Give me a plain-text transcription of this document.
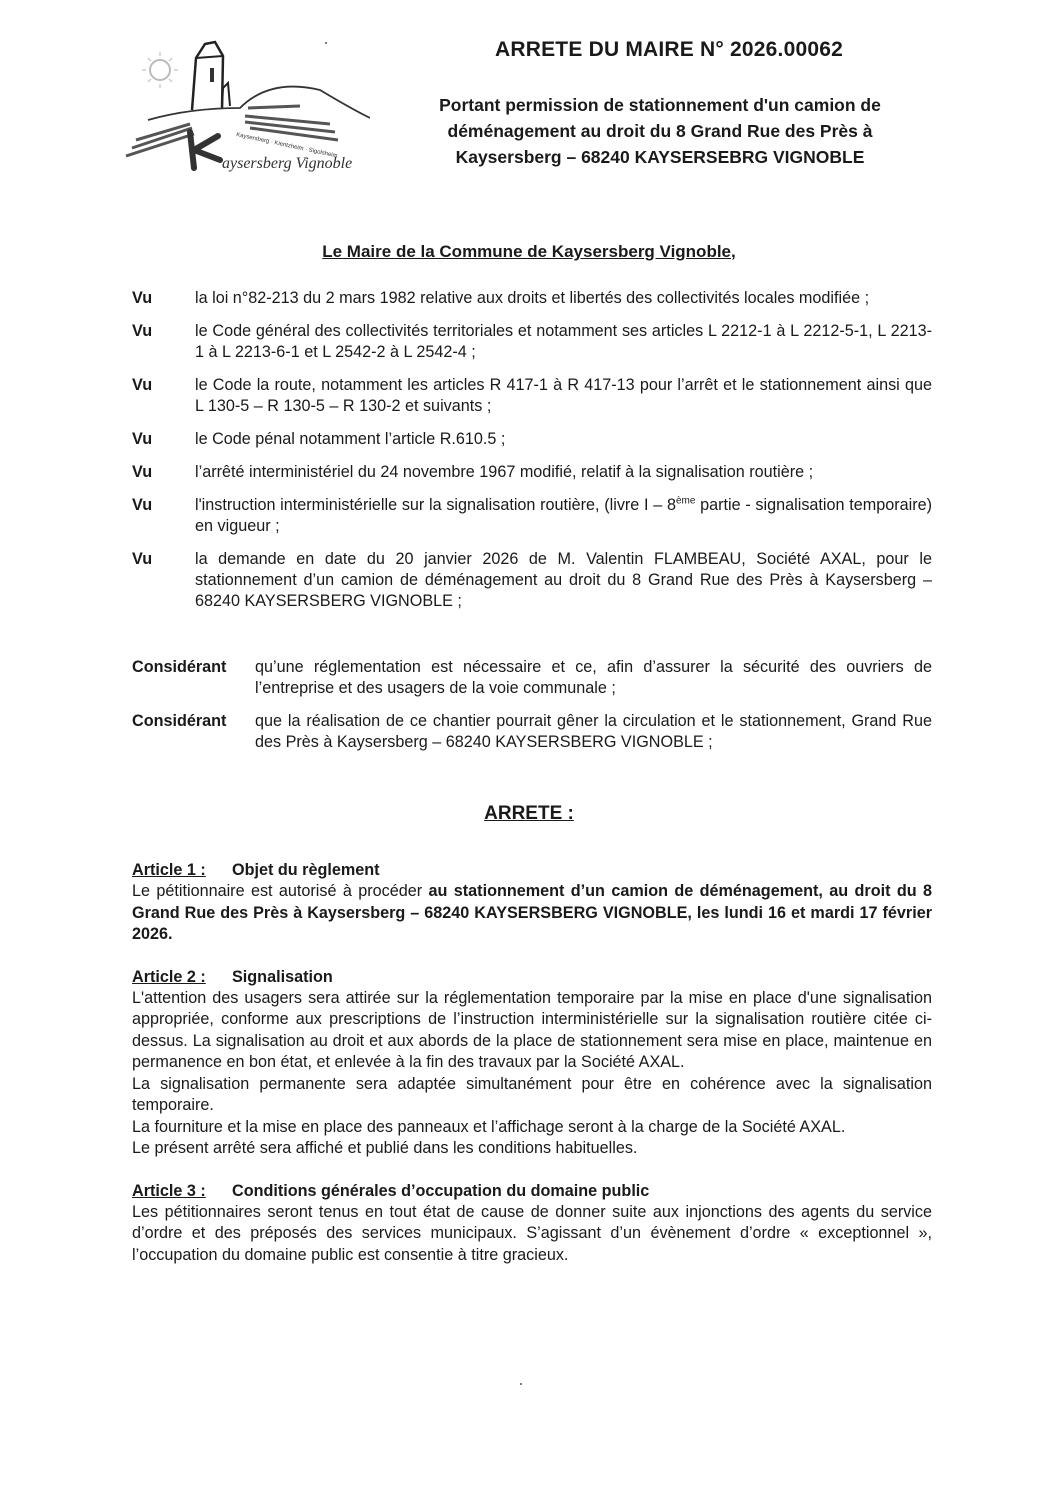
Kaysersberg · Kientzheim · Sigolsheim
aysersberg Vignoble
ARRETE DU MAIRE N° 2026.00062
Portant permission de stationnement d'un camion de
déménagement au droit du 8 Grand Rue des Près à
Kaysersberg – 68240 KAYSERSEBRG VIGNOBLE
Le Maire de la Commune de Kaysersberg Vignoble,
Vu	la loi n°82-213 du 2 mars 1982 relative aux droits et libertés des collectivités locales modifiée ;
Vu	le Code général des collectivités territoriales et notamment ses articles L 2212-1 à L 2212-5-1, L 2213-1 à L 2213-6-1 et L 2542-2 à L 2542-4 ;
Vu	le Code la route, notamment les articles R 417-1 à R 417-13 pour l’arrêt et le stationnement ainsi que L 130-5 – R 130-5 – R 130-2 et suivants ;
Vu	le Code pénal notamment l’article R.610.5 ;
Vu	l’arrêté interministériel du 24 novembre 1967 modifié, relatif à la signalisation routière ;
Vu	l'instruction interministérielle sur la signalisation routière, (livre I – 8ème partie - signalisation temporaire) en vigueur ;
Vu	la demande en date du 20 janvier 2026 de M. Valentin FLAMBEAU, Société AXAL, pour le stationnement d’un camion de déménagement au droit du 8 Grand Rue des Près à Kaysersberg – 68240 KAYSERSBERG VIGNOBLE ;
Considérant	qu’une réglementation est nécessaire et ce, afin d’assurer la sécurité des ouvriers de l’entreprise et des usagers de la voie communale ;
Considérant	que la réalisation de ce chantier pourrait gêner la circulation et le stationnement, Grand Rue des Près à Kaysersberg – 68240 KAYSERSBERG VIGNOBLE ;
ARRETE :
Article 1 : Objet du règlement

Le pétitionnaire est autorisé à procéder au stationnement d’un camion de déménagement, au droit du 8 Grand Rue des Près à Kaysersberg – 68240 KAYSERSBERG VIGNOBLE, les lundi 16 et mardi 17 février 2026.

Article 2 : Signalisation

L'attention des usagers sera attirée sur la réglementation temporaire par la mise en place d'une signalisation appropriée, conforme aux prescriptions de l’instruction interministérielle sur la signalisation routière citée ci-dessus. La signalisation au droit et aux abords de la place de stationnement sera mise en place, maintenue en permanence en bon état, et enlevée à la fin des travaux par la Société AXAL.

La signalisation permanente sera adaptée simultanément pour être en cohérence avec la signalisation temporaire.

La fourniture et la mise en place des panneaux et l’affichage seront à la charge de la Société AXAL.

Le présent arrêté sera affiché et publié dans les conditions habituelles.

Article 3 : Conditions générales d’occupation du domaine public

Les pétitionnaires seront tenus en tout état de cause de donner suite aux injonctions des agents du service d’ordre et des préposés des services municipaux. S’agissant d’un évènement d’ordre « exceptionnel », l’occupation du domaine public est consentie à titre gracieux.
